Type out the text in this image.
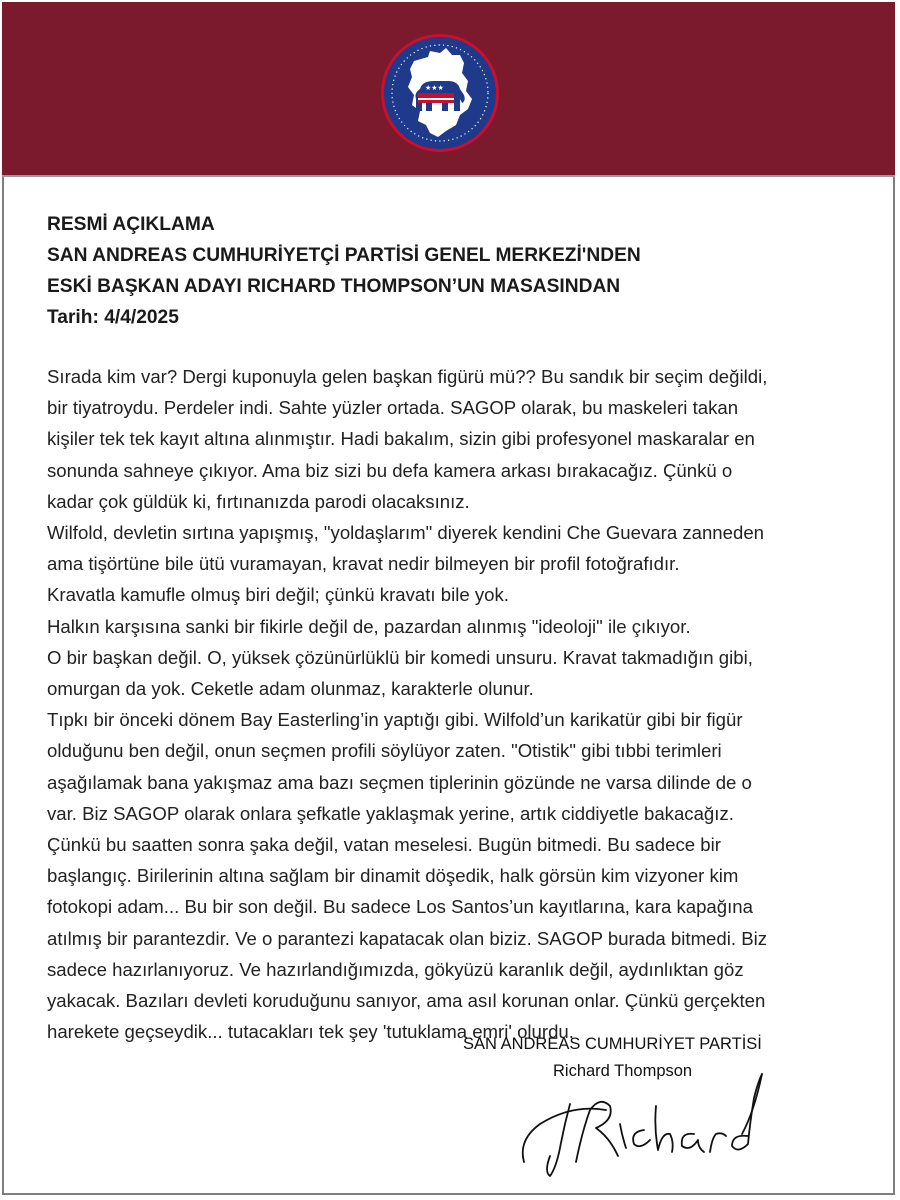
★★★
RESMİ AÇIKLAMA
SAN ANDREAS CUMHURİYETÇİ PARTİSİ GENEL MERKEZİ'NDEN
ESKİ BAŞKAN ADAYI RICHARD THOMPSON’UN MASASINDAN
Tarih: 4/4/2025
Sırada kim var? Dergi kuponuyla gelen başkan figürü mü?? Bu sandık bir seçim değildi,
bir tiyatroydu. Perdeler indi. Sahte yüzler ortada. SAGOP olarak, bu maskeleri takan
kişiler tek tek kayıt altına alınmıştır. Hadi bakalım, sizin gibi profesyonel maskaralar en
sonunda sahneye çıkıyor. Ama biz sizi bu defa kamera arkası bırakacağız. Çünkü o
kadar çok güldük ki, fırtınanızda parodi olacaksınız.
Wilfold, devletin sırtına yapışmış, "yoldaşlarım" diyerek kendini Che Guevara zanneden
ama tişörtüne bile ütü vuramayan, kravat nedir bilmeyen bir profil fotoğrafıdır.
Kravatla kamufle olmuş biri değil; çünkü kravatı bile yok.
Halkın karşısına sanki bir fikirle değil de, pazardan alınmış "ideoloji" ile çıkıyor.
O bir başkan değil. O, yüksek çözünürlüklü bir komedi unsuru. Kravat takmadığın gibi,
omurgan da yok. Ceketle adam olunmaz, karakterle olunur.
Tıpkı bir önceki dönem Bay Easterling’in yaptığı gibi. Wilfold’un karikatür gibi bir figür
olduğunu ben değil, onun seçmen profili söylüyor zaten. "Otistik" gibi tıbbi terimleri
aşağılamak bana yakışmaz ama bazı seçmen tiplerinin gözünde ne varsa dilinde de o
var. Biz SAGOP olarak onlara şefkatle yaklaşmak yerine, artık ciddiyetle bakacağız.
Çünkü bu saatten sonra şaka değil, vatan meselesi. Bugün bitmedi. Bu sadece bir
başlangıç. Birilerinin altına sağlam bir dinamit döşedik, halk görsün kim vizyoner kim
fotokopi adam... Bu bir son değil. Bu sadece Los Santos’un kayıtlarına, kara kapağına
atılmış bir parantezdir. Ve o parantezi kapatacak olan biziz. SAGOP burada bitmedi. Biz
sadece hazırlanıyoruz. Ve hazırlandığımızda, gökyüzü karanlık değil, aydınlıktan göz
yakacak. Bazıları devleti koruduğunu sanıyor, ama asıl korunan onlar. Çünkü gerçekten
harekete geçseydik... tutacakları tek şey 'tutuklama emri' olurdu.
SAN ANDREAS CUMHURİYET PARTİSİ
Richard Thompson
